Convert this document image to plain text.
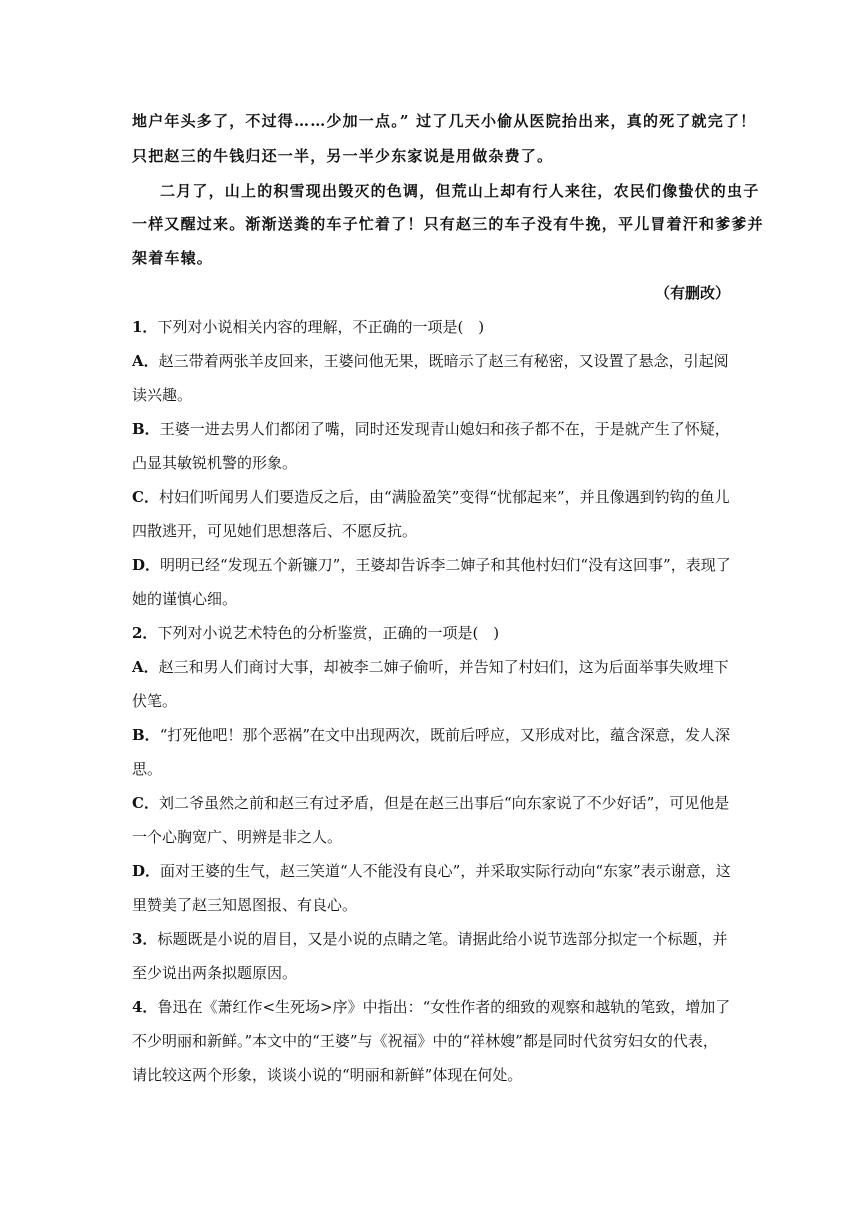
地户年头多了，不过得……少加一点。” 过了几天小偷从医院抬出来，真的死了就完了！
只把赵三的牛钱归还一半，另一半少东家说是用做杂费了。
二月了，山上的积雪现出毁灭的色调，但荒山上却有行人来往，农民们像蛰伏的虫子
一样又醒过来。渐渐送粪的车子忙着了！只有赵三的车子没有牛挽，平儿冒着汗和爹爹并
架着车辕。
（有删改）
1．下列对小说相关内容的理解，不正确的一项是(　)
A．赵三带着两张羊皮回来，王婆问他无果，既暗示了赵三有秘密，又设置了悬念，引起阅
读兴趣。
B．王婆一进去男人们都闭了嘴，同时还发现青山媳妇和孩子都不在，于是就产生了怀疑，
凸显其敏锐机警的形象。
C．村妇们听闻男人们要造反之后，由“满脸盈笑”变得“忧郁起来”，并且像遇到钓钩的鱼儿
四散逃开，可见她们思想落后、不愿反抗。
D．明明已经“发现五个新镰刀”，王婆却告诉李二婶子和其他村妇们“没有这回事”，表现了
她的谨慎心细。
2．下列对小说艺术特色的分析鉴赏，正确的一项是(　)
A．赵三和男人们商讨大事，却被李二婶子偷听，并告知了村妇们，这为后面举事失败埋下
伏笔。
B．“打死他吧！那个恶祸”在文中出现两次，既前后呼应，又形成对比，蕴含深意，发人深
思。
C．刘二爷虽然之前和赵三有过矛盾，但是在赵三出事后“向东家说了不少好话”，可见他是
一个心胸宽广、明辨是非之人。
D．面对王婆的生气，赵三笑道“人不能没有良心”，并采取实际行动向“东家”表示谢意，这
里赞美了赵三知恩图报、有良心。
3．标题既是小说的眉目，又是小说的点睛之笔。请据此给小说节选部分拟定一个标题，并
至少说出两条拟题原因。
4．鲁迅在《萧红作<生死场>序》中指出：“女性作者的细致的观察和越轨的笔致，增加了
不少明丽和新鲜。”本文中的“王婆”与《祝福》中的“祥林嫂”都是同时代贫穷妇女的代表，
请比较这两个形象，谈谈小说的“明丽和新鲜”体现在何处。
